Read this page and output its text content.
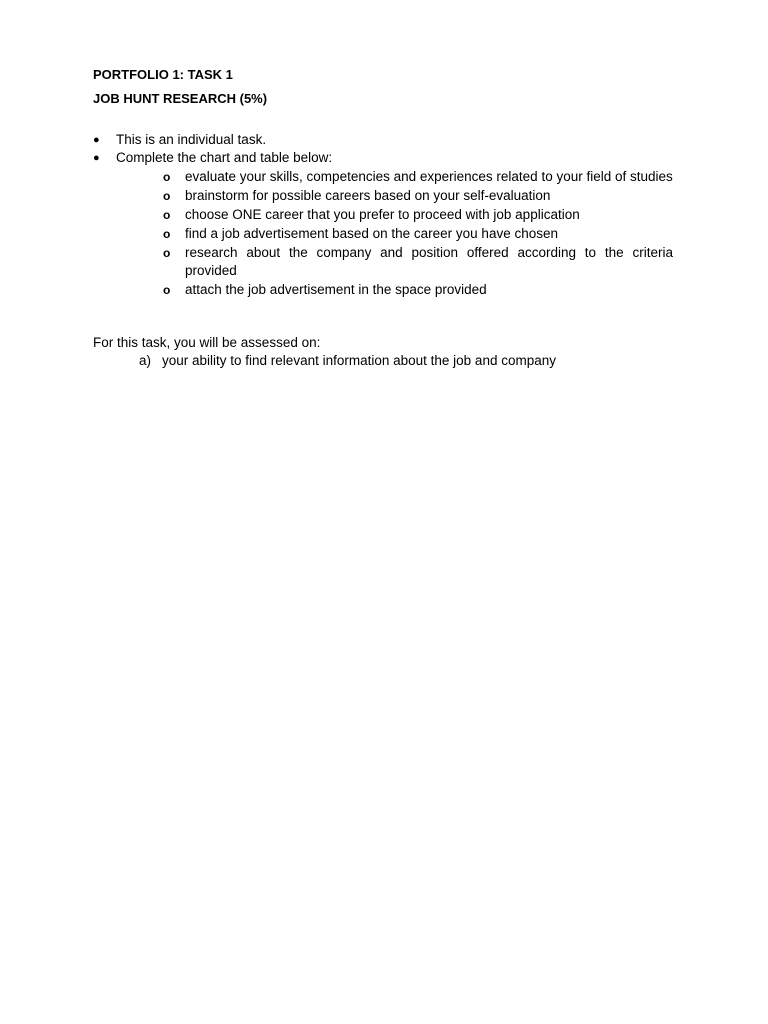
PORTFOLIO 1: TASK 1
JOB HUNT RESEARCH (5%)
● This is an individual task.
● Complete the chart and table below:
o evaluate your skills, competencies and experiences related to your field of studies
o brainstorm for possible careers based on your self-evaluation
o choose ONE career that you prefer to proceed with job application
o find a job advertisement based on the career you have chosen
o research about the company and position offered according to the criteria provided
o attach the job advertisement in the space provided
For this task, you will be assessed on:
a) your ability to find relevant information about the job and company
